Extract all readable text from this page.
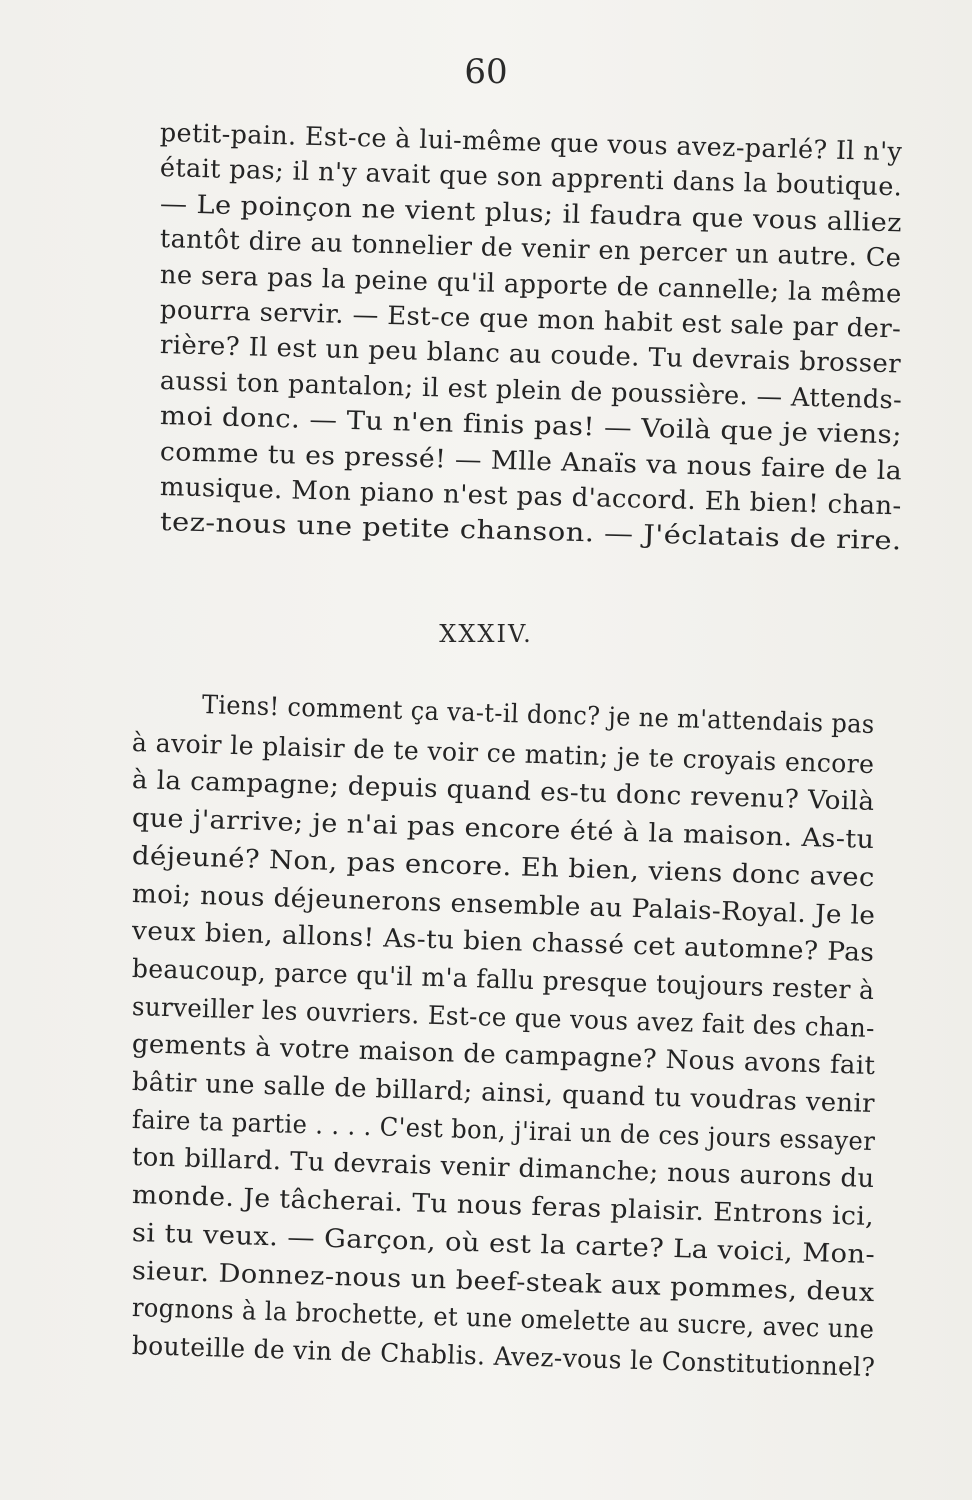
60
petit-pain. Est-ce à lui-même que vous avez-parlé? Il n'y
était pas; il n'y avait que son apprenti dans la boutique.
— Le poinçon ne vient plus; il faudra que vous alliez
tantôt dire au tonnelier de venir en percer un autre. Ce
ne sera pas la peine qu'il apporte de cannelle; la même
pourra servir. — Est-ce que mon habit est sale par der-
rière? Il est un peu blanc au coude. Tu devrais brosser
aussi ton pantalon; il est plein de poussière. — Attends-
moi donc. — Tu n'en finis pas! — Voilà que je viens;
comme tu es pressé! — Mlle Anaïs va nous faire de la
musique. Mon piano n'est pas d'accord. Eh bien! chan-
tez-nous une petite chanson. — J'éclatais de rire.
XXXIV.
Tiens! comment ça va-t-il donc? je ne m'attendais pas
à avoir le plaisir de te voir ce matin; je te croyais encore
à la campagne; depuis quand es-tu donc revenu? Voilà
que j'arrive; je n'ai pas encore été à la maison. As-tu
déjeuné? Non, pas encore. Eh bien, viens donc avec
moi; nous déjeunerons ensemble au Palais-Royal. Je le
veux bien, allons! As-tu bien chassé cet automne? Pas
beaucoup, parce qu'il m'a fallu presque toujours rester à
surveiller les ouvriers. Est-ce que vous avez fait des chan-
gements à votre maison de campagne? Nous avons fait
bâtir une salle de billard; ainsi, quand tu voudras venir
faire ta partie . . . . C'est bon, j'irai un de ces jours essayer
ton billard. Tu devrais venir dimanche; nous aurons du
monde. Je tâcherai. Tu nous feras plaisir. Entrons ici,
si tu veux. — Garçon, où est la carte? La voici, Mon-
sieur. Donnez-nous un beef-steak aux pommes, deux
rognons à la brochette, et une omelette au sucre, avec une
bouteille de vin de Chablis. Avez-vous le Constitutionnel?
